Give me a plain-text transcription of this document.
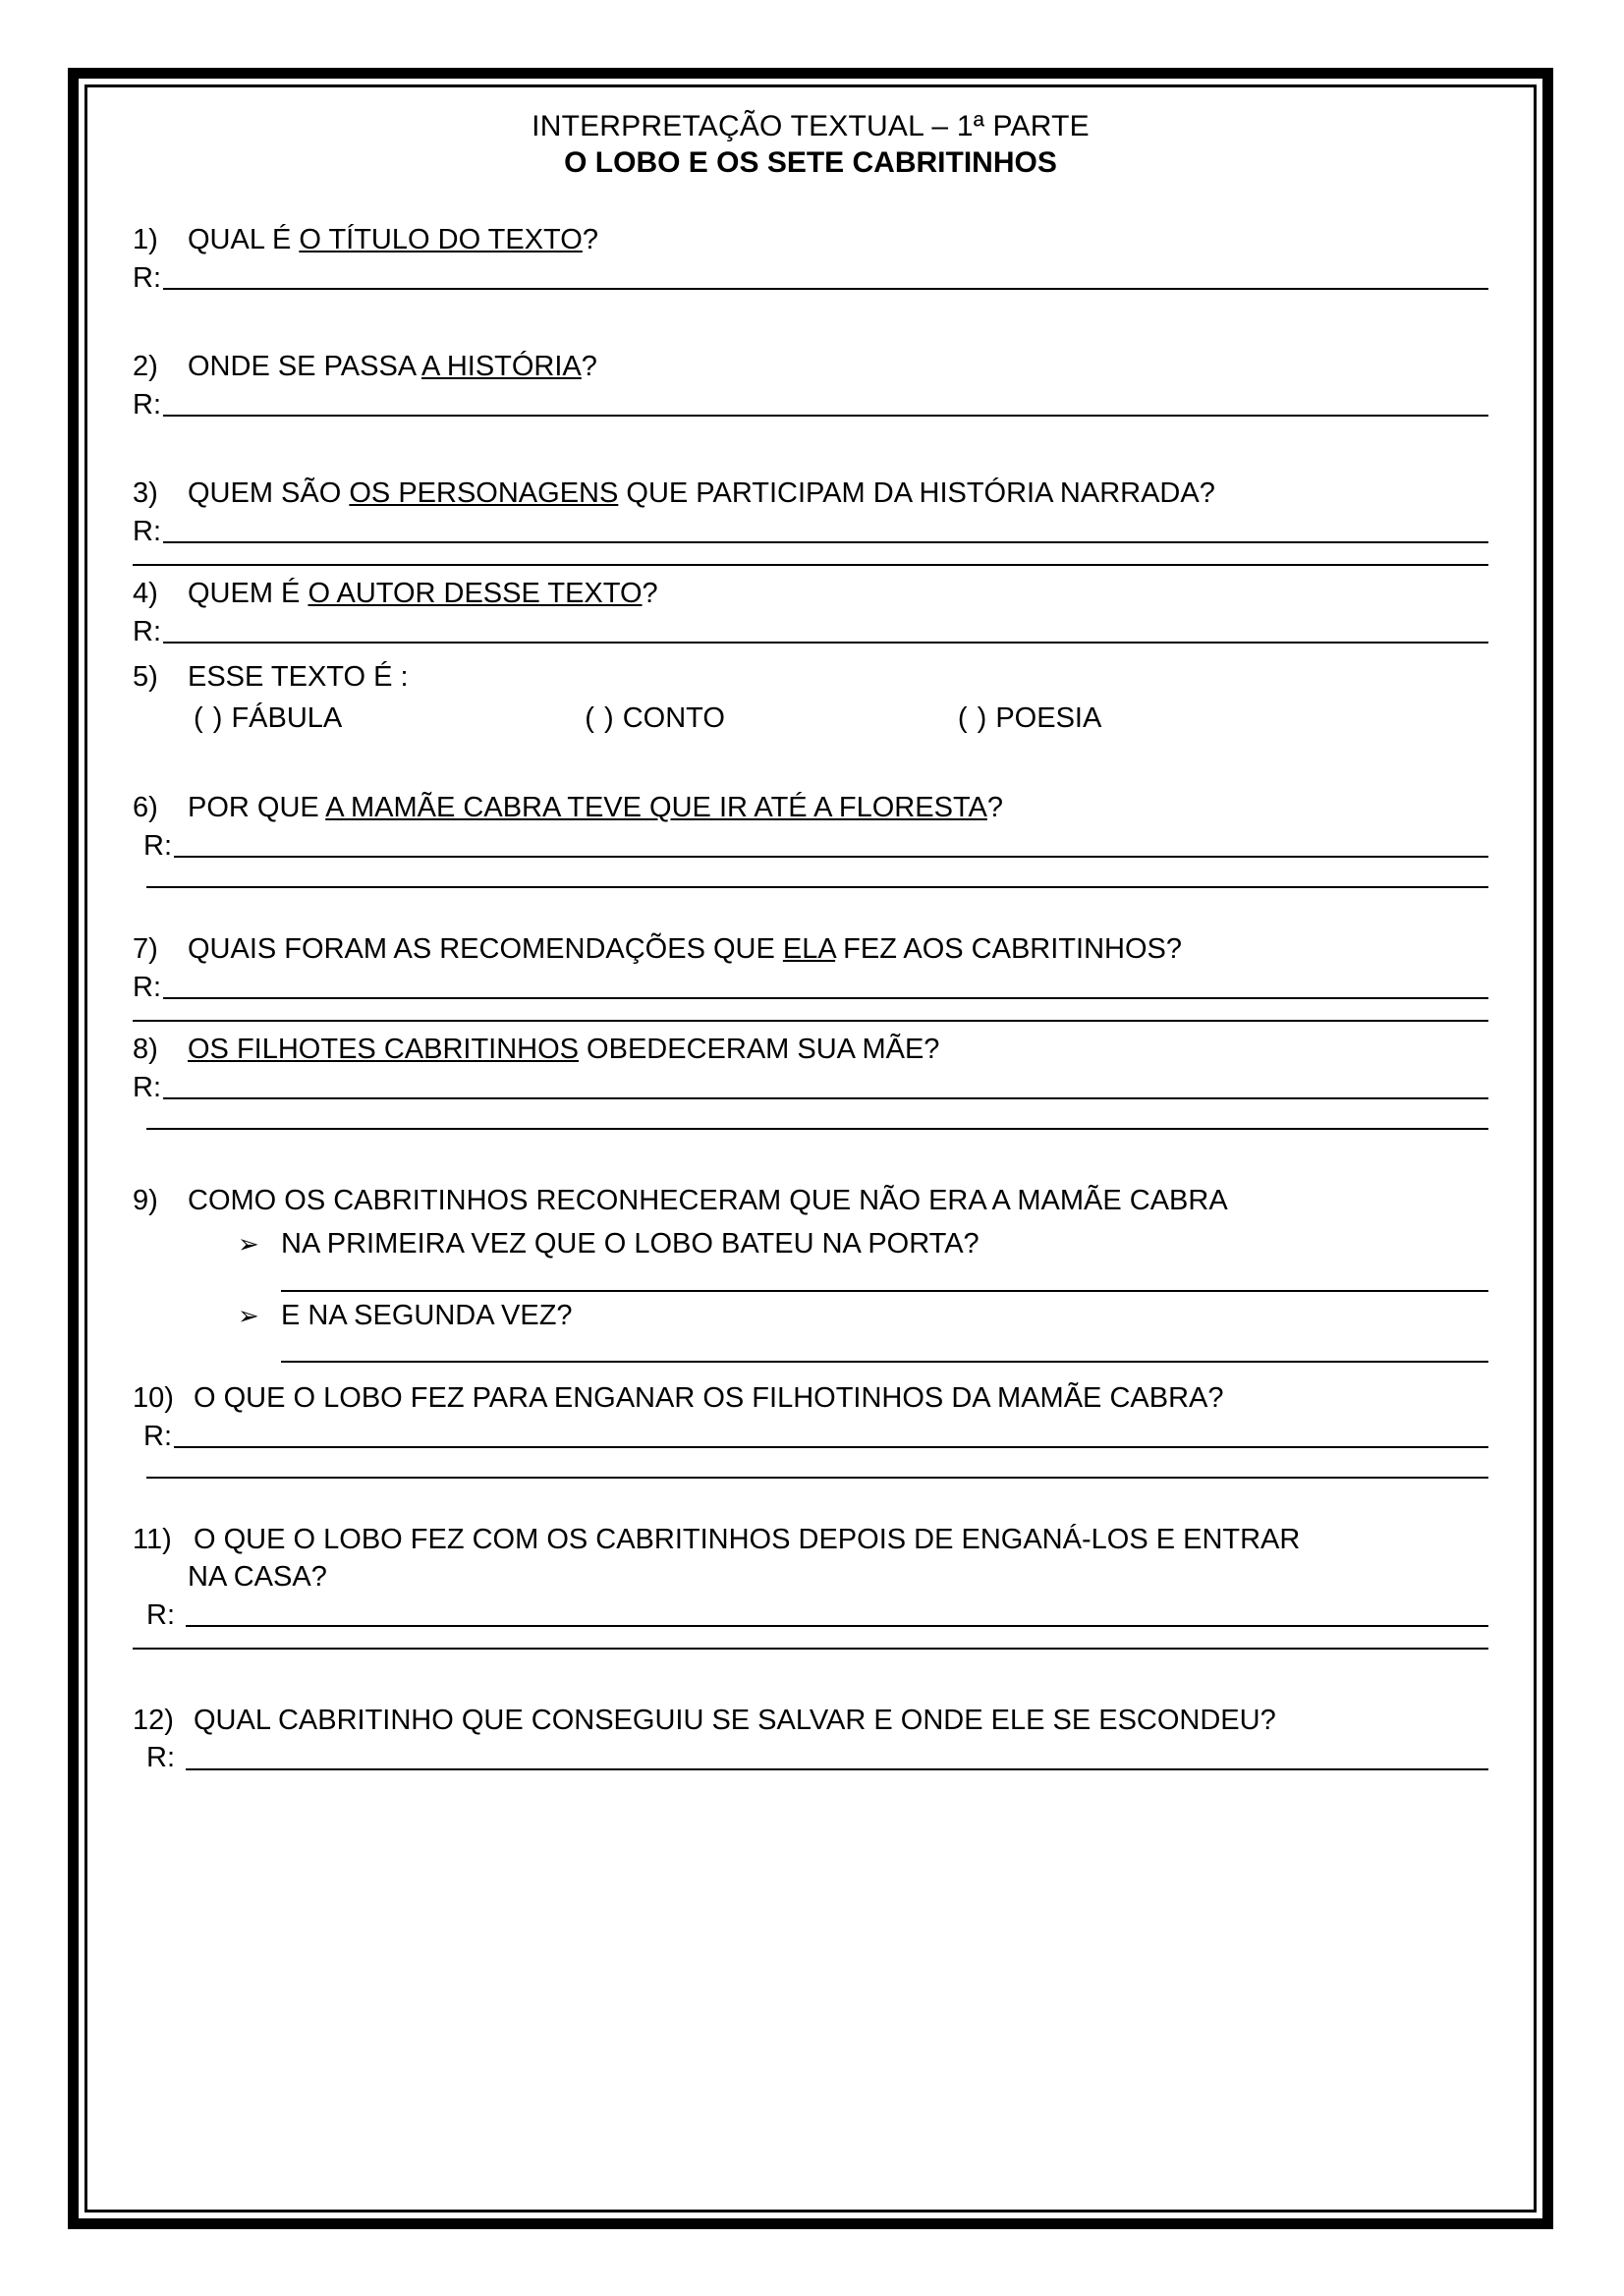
INTERPRETAÇÃO TEXTUAL – 1ª PARTE
O LOBO E OS SETE CABRITINHOS
1)	QUAL É O TÍTULO DO TEXTO?
R:
2)	ONDE SE PASSA A HISTÓRIA?
R:
3)	QUEM SÃO OS PERSONAGENS QUE PARTICIPAM DA HISTÓRIA NARRADA?
R:
4)	QUEM É O AUTOR DESSE TEXTO?
R:
5)	ESSE TEXTO É :
( )
FÁBULA	( )
CONTO	( )
POESIA
6)	POR QUE A MAMÃE CABRA TEVE QUE IR ATÉ A FLORESTA?
R:
7)	QUAIS FORAM AS RECOMENDAÇÕES QUE ELA FEZ AOS CABRITINHOS?
R:
8)	OS FILHOTES CABRITINHOS OBEDECERAM SUA MÃE?
R:
9)	COMO OS CABRITINHOS RECONHECERAM QUE NÃO ERA A MAMÃE CABRA
➢ NA PRIMEIRA VEZ QUE O LOBO BATEU NA PORTA?
➢ E NA SEGUNDA VEZ?
10) O QUE O LOBO FEZ PARA ENGANAR OS FILHOTINHOS DA MAMÃE CABRA?
R:
11) O QUE O LOBO FEZ COM OS CABRITINHOS DEPOIS DE ENGANÁ-LOS E ENTRAR
NA CASA?
R:
12) QUAL CABRITINHO QUE CONSEGUIU SE SALVAR E ONDE ELE SE ESCONDEU?
R:
